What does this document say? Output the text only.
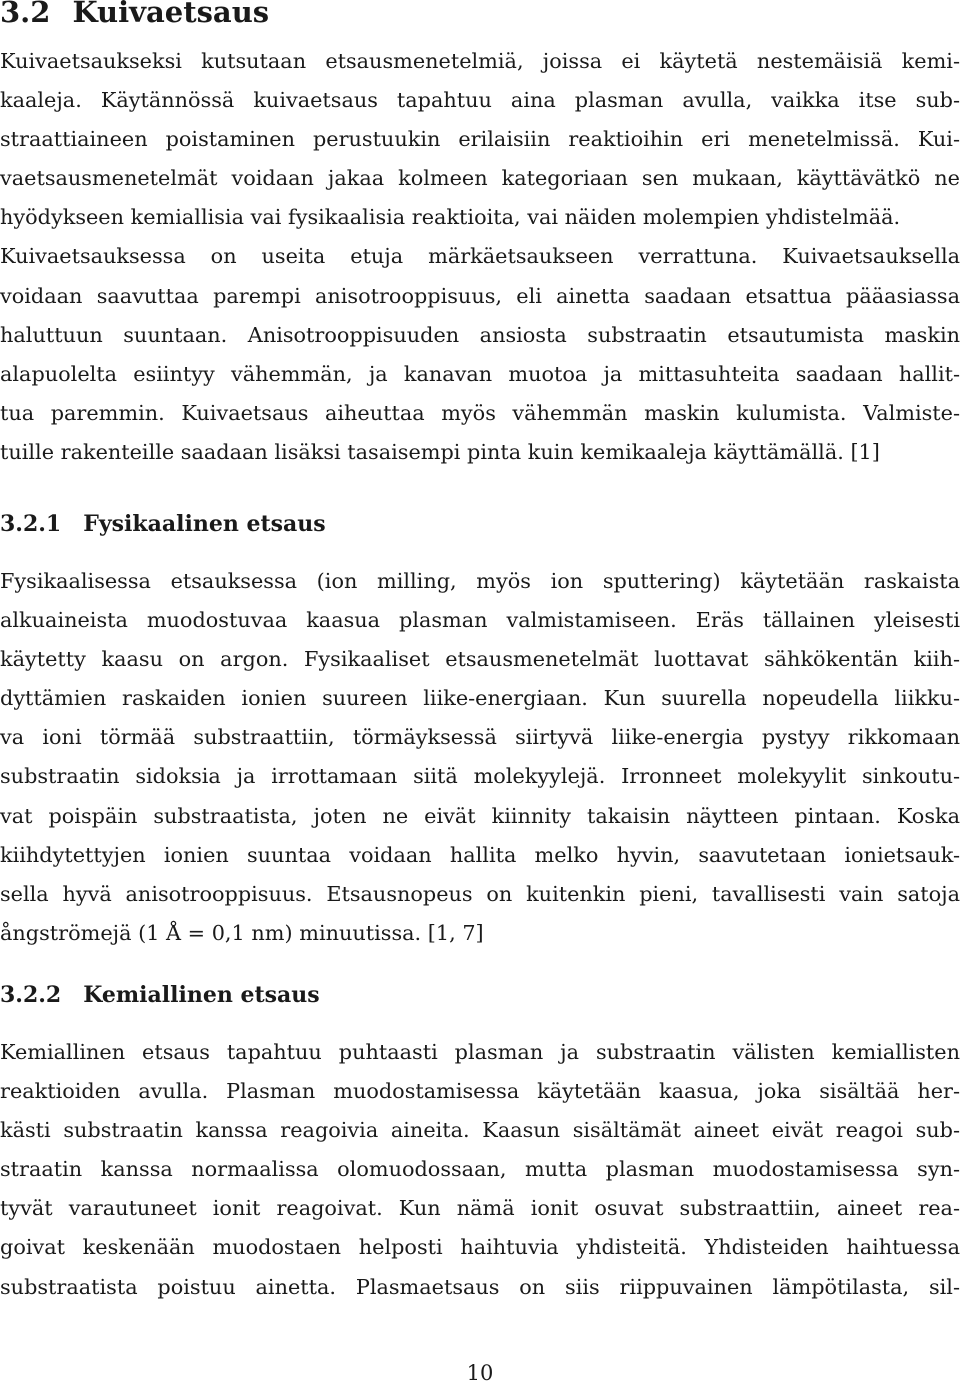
3.2 Kuivaetsaus
Kuivaetsaukseksi kutsutaan etsausmenetelmiä, joissa ei käytetä nestemäisiä kemi-
kaaleja. Käytännössä kuivaetsaus tapahtuu aina plasman avulla, vaikka itse sub-
straattiaineen poistaminen perustuukin erilaisiin reaktioihin eri menetelmissä. Kui-
vaetsausmenetelmät voidaan jakaa kolmeen kategoriaan sen mukaan, käyttävätkö ne
hyödykseen kemiallisia vai fysikaalisia reaktioita, vai näiden molempien yhdistelmää.
Kuivaetsauksessa on useita etuja märkäetsaukseen verrattuna. Kuivaetsauksella
voidaan saavuttaa parempi anisotrooppisuus, eli ainetta saadaan etsattua pääasiassa
haluttuun suuntaan. Anisotrooppisuuden ansiosta substraatin etsautumista maskin
alapuolelta esiintyy vähemmän, ja kanavan muotoa ja mittasuhteita saadaan hallit-
tua paremmin. Kuivaetsaus aiheuttaa myös vähemmän maskin kulumista. Valmiste-
tuille rakenteille saadaan lisäksi tasaisempi pinta kuin kemikaaleja käyttämällä. [1]
3.2.1 Fysikaalinen etsaus
Fysikaalisessa etsauksessa (ion milling, myös ion sputtering) käytetään raskaista
alkuaineista muodostuvaa kaasua plasman valmistamiseen. Eräs tällainen yleisesti
käytetty kaasu on argon. Fysikaaliset etsausmenetelmät luottavat sähkökentän kiih-
dyttämien raskaiden ionien suureen liike-energiaan. Kun suurella nopeudella liikku-
va ioni törmää substraattiin, törmäyksessä siirtyvä liike-energia pystyy rikkomaan
substraatin sidoksia ja irrottamaan siitä molekyylejä. Irronneet molekyylit sinkoutu-
vat poispäin substraatista, joten ne eivät kiinnity takaisin näytteen pintaan. Koska
kiihdytettyjen ionien suuntaa voidaan hallita melko hyvin, saavutetaan ionietsauk-
sella hyvä anisotrooppisuus. Etsausnopeus on kuitenkin pieni, tavallisesti vain satoja
ångströmejä (1 Å = 0,1 nm) minuutissa. [1, 7]
3.2.2 Kemiallinen etsaus
Kemiallinen etsaus tapahtuu puhtaasti plasman ja substraatin välisten kemiallisten
reaktioiden avulla. Plasman muodostamisessa käytetään kaasua, joka sisältää her-
kästi substraatin kanssa reagoivia aineita. Kaasun sisältämät aineet eivät reagoi sub-
straatin kanssa normaalissa olomuodossaan, mutta plasman muodostamisessa syn-
tyvät varautuneet ionit reagoivat. Kun nämä ionit osuvat substraattiin, aineet rea-
goivat keskenään muodostaen helposti haihtuvia yhdisteitä. Yhdisteiden haihtuessa
substraatista poistuu ainetta. Plasmaetsaus on siis riippuvainen lämpötilasta, sil-
10
